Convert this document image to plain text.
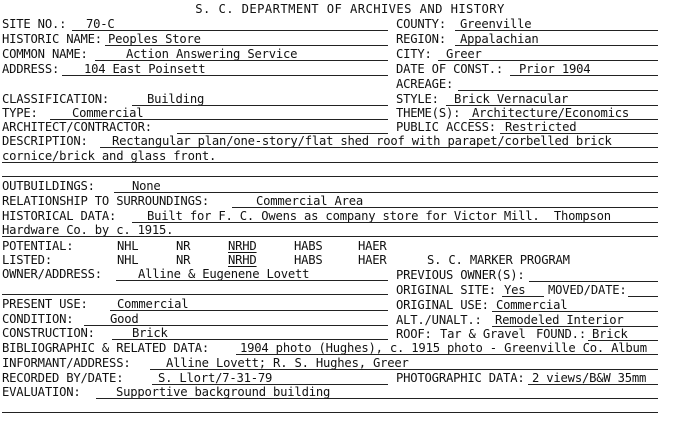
S. C. DEPARTMENT OF ARCHIVES AND HISTORY
SITE NO.: 70-C
HISTORIC NAME: Peoples Store
COMMON NAME:	Action Answering Service
ADDRESS: 104 East Poinsett
CLASSIFICATION:	Building
TYPE:	Commercial
ARCHITECT/CONTRACTOR:
COUNTY: Greenville
REGION: Appalachian
CITY: Greer
DATE OF CONST.: Prior 1904
ACREAGE:
STYLE: Brick Vernacular
THEME(S): Architecture/Economics
PUBLIC ACCESS: Restricted
DESCRIPTION: Rectangular plan/one-story/flat shed roof with parapet/corbelled brick
cornice/brick and glass front.
OUTBUILDINGS:	None
RELATIONSHIP TO SURROUNDINGS:	Commercial Area
HISTORICAL DATA:	Built for F. C. Owens as company store for Victor Mill.  Thompson
Hardware Co. by c. 1915.
POTENTIAL:	NHL	NR	NRHD	HABS	HAER
LISTED:	NHL	NR	NRHD	HABS	HAER	S. C. MARKER PROGRAM
OWNER/ADDRESS:	Alline & Eugenene Lovett	PREVIOUS OWNER(S):
ORIGINAL SITE: Yes MOVED/DATE:
PRESENT USE: Commercial	ORIGINAL USE: Commercial
CONDITION:	Good	ALT./UNALT.: Remodeled Interior
CONSTRUCTION:	Brick	ROOF: Tar & Gravel FOUND.: Brick
BIBLIOGRAPHIC & RELATED DATA:	1904 photo (Hughes), c. 1915 photo - Greenville Co. Album
INFORMANT/ADDRESS:	Alline Lovett; R. S. Hughes, Greer
RECORDED BY/DATE:	S. Llort/7-31-79	PHOTOGRAPHIC DATA: 2 views/B&W 35mm
EVALUATION:	Supportive background building
